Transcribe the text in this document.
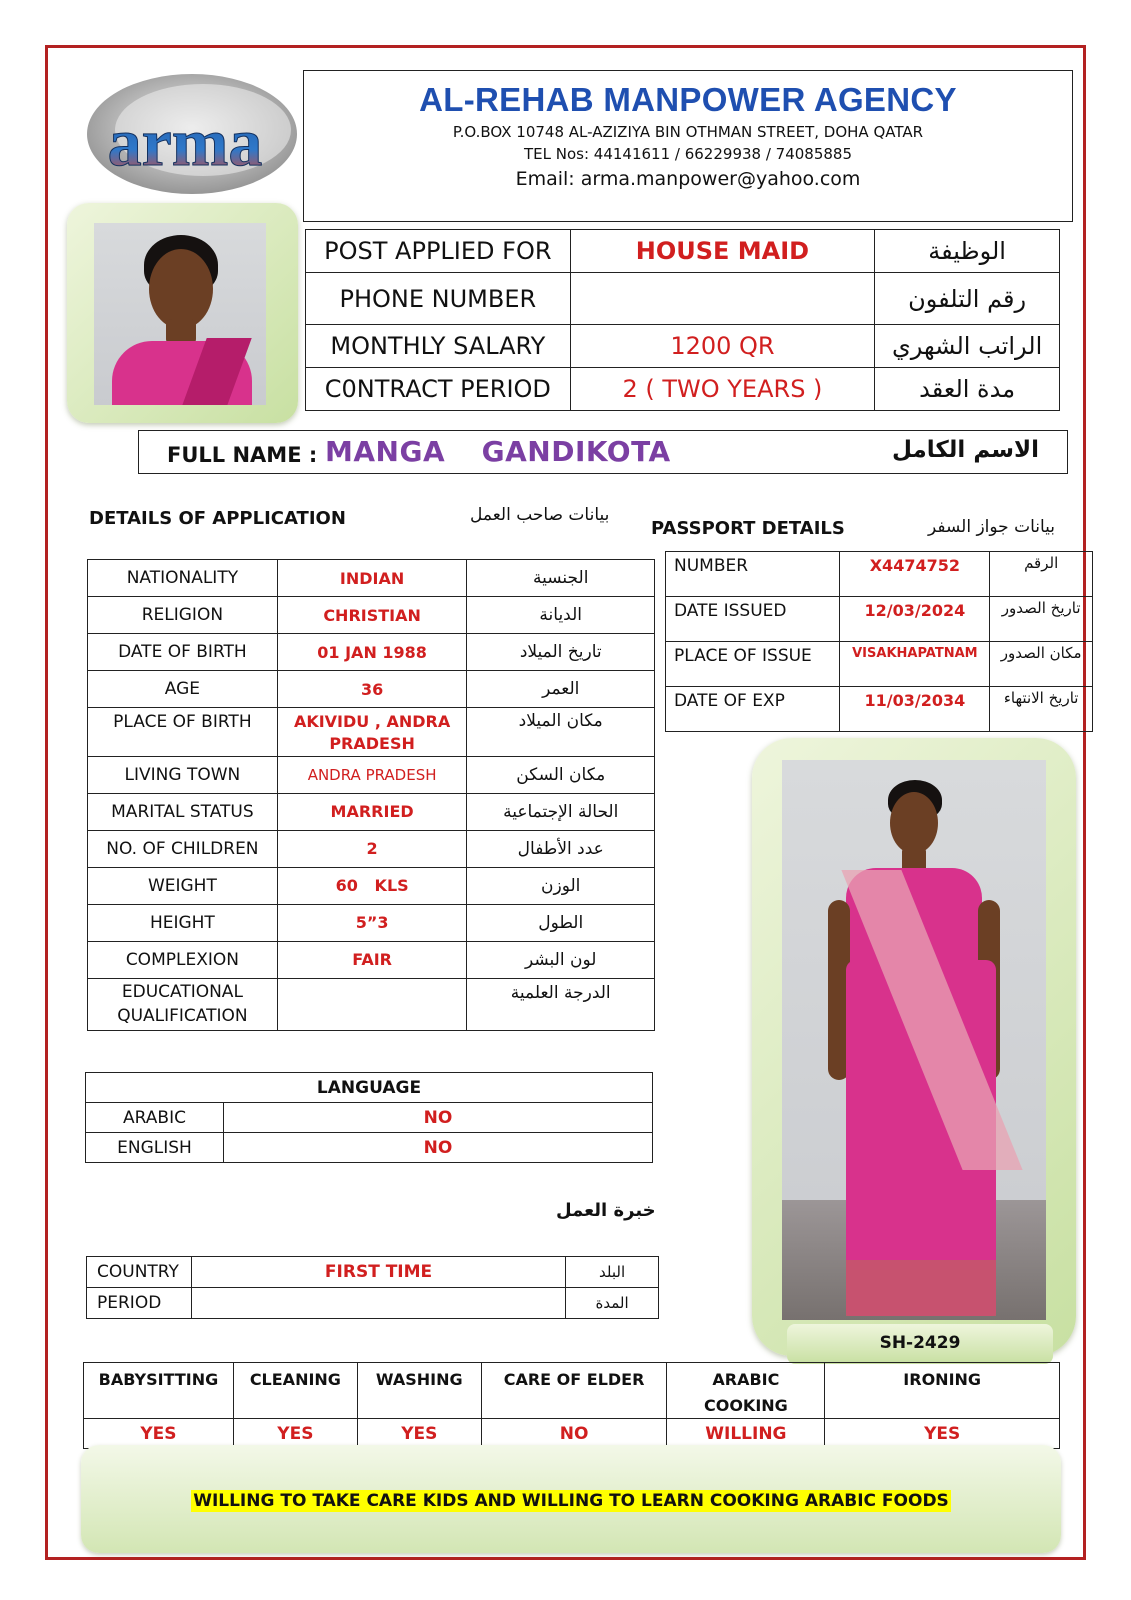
arma
AL-REHAB MANPOWER AGENCY
P.O.BOX 10748 AL-AZIZIYA BIN OTHMAN STREET, DOHA QATAR
TEL Nos: 44141611 / 66229938 / 74085885
Email: arma.manpower@yahoo.com
POST APPLIED FOR	HOUSE MAID	الوظيفة
PHONE NUMBER		رقم التلفون
MONTHLY SALARY	1200 QR	الراتب الشهري
C0NTRACT PERIOD	2 ( TWO YEARS )	مدة العقد
FULL NAME : MANGA  GANDIKOTA	الاسم الكامل
DETAILS OF APPLICATION	بيانات صاحب العمل
PASSPORT DETAILS	بيانات جواز السفر
NATIONALITY	INDIAN	الجنسية
RELIGION	CHRISTIAN	الديانة
DATE OF BIRTH	01 JAN 1988	تاريخ الميلاد
AGE	36	العمر
PLACE OF BIRTH	AKIVIDU , ANDRA PRADESH	مكان الميلاد
LIVING TOWN	ANDRA PRADESH	مكان السكن
MARITAL STATUS	MARRIED	الحالة الإجتماعية
NO. OF CHILDREN	2	عدد الأطفال
WEIGHT	60   KLS	الوزن
HEIGHT	5”3	الطول
COMPLEXION	FAIR	لون البشر
EDUCATIONAL QUALIFICATION		الدرجة العلمية
NUMBER	X4474752	الرقم
DATE ISSUED	12/03/2024	تاريخ الصدور
PLACE OF ISSUE	VISAKHAPATNAM	مكان الصدور
DATE OF EXP	11/03/2034	تاريخ الانتهاء
SH-2429
LANGUAGE	
ARABIC	NO
ENGLISH	NO
خبرة العمل
COUNTRY	FIRST TIME	البلد
PERIOD		المدة
BABYSITTING	CLEANING	WASHING	CARE OF ELDER	ARABIC COOKING	IRONING
YES	YES	YES	NO	WILLING	YES
WILLING TO TAKE CARE KIDS AND WILLING TO LEARN COOKING ARABIC FOODS
